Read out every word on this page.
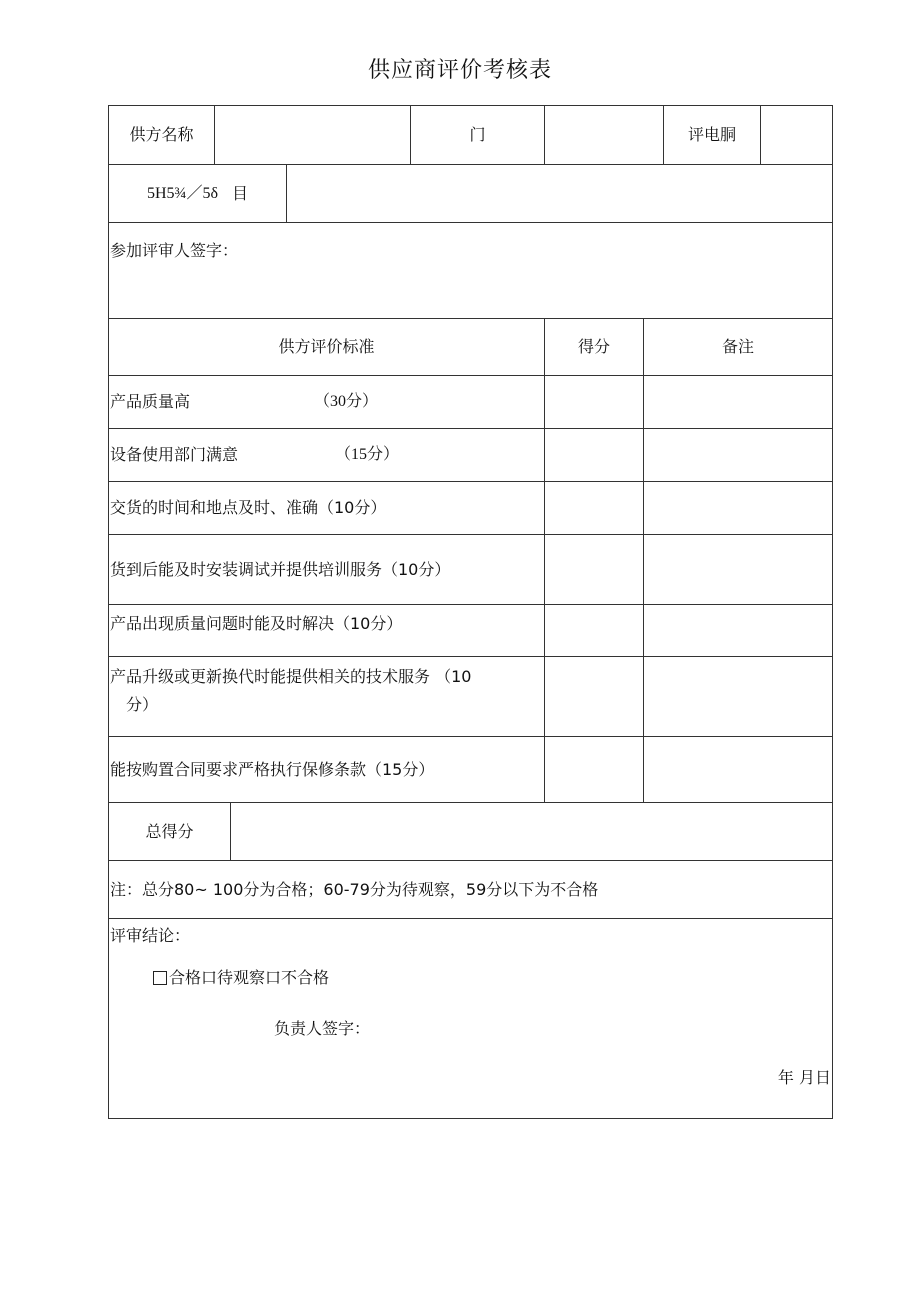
供应商评价考核表
供方名称	门	评电胴
5H5¾／5δ 目
参加评审人签字：
供方评价标准	得分	备注
产品质量高	（30分）
设备使用部门满意	（15分）
交货的时间和地点及时、准确（10分）
货到后能及时安装调试并提供培训服务（10分）
产品出现质量问题时能及时解决（10分）
产品升级或更新换代时能提供相关的技术服务 （10
分）
能按购置合同要求严格执行保修条款（15分）
总得分
注：总分80~ 100分为合格；60-79分为待观察，59分以下为不合格
评审结论：
合格口待观察口不合格
负责人签字：
年 月日
